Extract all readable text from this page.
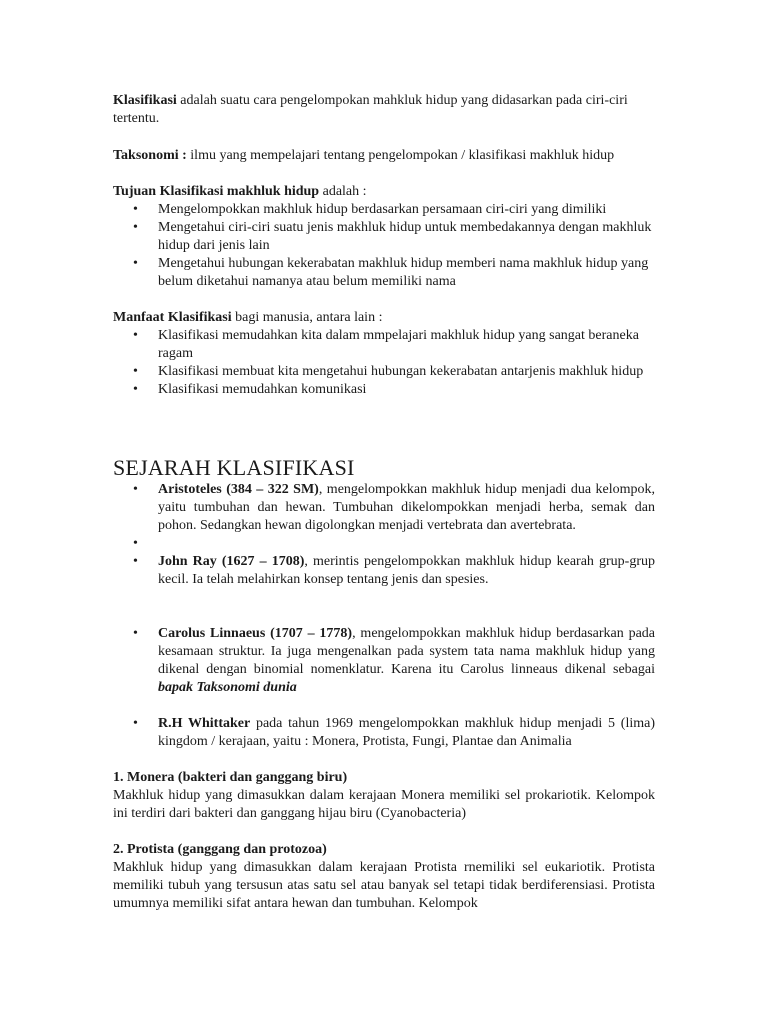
Klasifikasi adalah suatu cara pengelompokan mahkluk hidup yang didasarkan pada ciri-ciri tertentu.

Taksonomi : ilmu yang mempelajari tentang pengelompokan / klasifikasi makhluk hidup

Tujuan Klasifikasi makhluk hidup adalah :

• Mengelompokkan makhluk hidup berdasarkan persamaan ciri-ciri yang dimiliki
• Mengetahui ciri-ciri suatu jenis makhluk hidup untuk membedakannya dengan makhluk hidup dari jenis lain
• Mengetahui hubungan kekerabatan makhluk hidup memberi nama makhluk hidup yang belum diketahui namanya atau belum memiliki nama

Manfaat Klasifikasi bagi manusia, antara lain :

• Klasifikasi memudahkan kita dalam mmpelajari makhluk hidup yang sangat beraneka ragam
• Klasifikasi membuat kita mengetahui hubungan kekerabatan antarjenis makhluk hidup
• Klasifikasi memudahkan komunikasi
SEJARAH KLASIFIKASI
• Aristoteles (384 – 322 SM), mengelompokkan makhluk hidup menjadi dua kelompok, yaitu tumbuhan dan hewan. Tumbuhan dikelompokkan menjadi herba, semak dan pohon. Sedangkan hewan digolongkan menjadi vertebrata dan avertebrata.
•
• John Ray (1627 – 1708), merintis pengelompokkan makhluk hidup kearah grup-grup kecil. Ia telah melahirkan konsep tentang jenis dan spesies.
• Carolus Linnaeus (1707 – 1778), mengelompokkan makhluk hidup berdasarkan pada kesamaan struktur. Ia juga mengenalkan pada system tata nama makhluk hidup yang dikenal dengan binomial nomenklatur. Karena itu Carolus linneaus dikenal sebagai bapak Taksonomi dunia
• R.H Whittaker pada tahun 1969 mengelompokkan makhluk hidup menjadi 5 (lima) kingdom / kerajaan, yaitu : Monera, Protista, Fungi, Plantae dan Animalia

1. Monera (bakteri dan ganggang biru)

Makhluk hidup yang dimasukkan dalam kerajaan Monera memiliki sel prokariotik. Kelompok ini terdiri dari bakteri dan ganggang hijau biru (Cyanobacteria)

2. Protista (ganggang dan protozoa)

Makhluk hidup yang dimasukkan dalam kerajaan Protista rnemiliki sel eukariotik. Protista memiliki tubuh yang tersusun atas satu sel atau banyak sel tetapi tidak berdiferensiasi. Protista umumnya memiliki sifat antara hewan dan tumbuhan. Kelompok
